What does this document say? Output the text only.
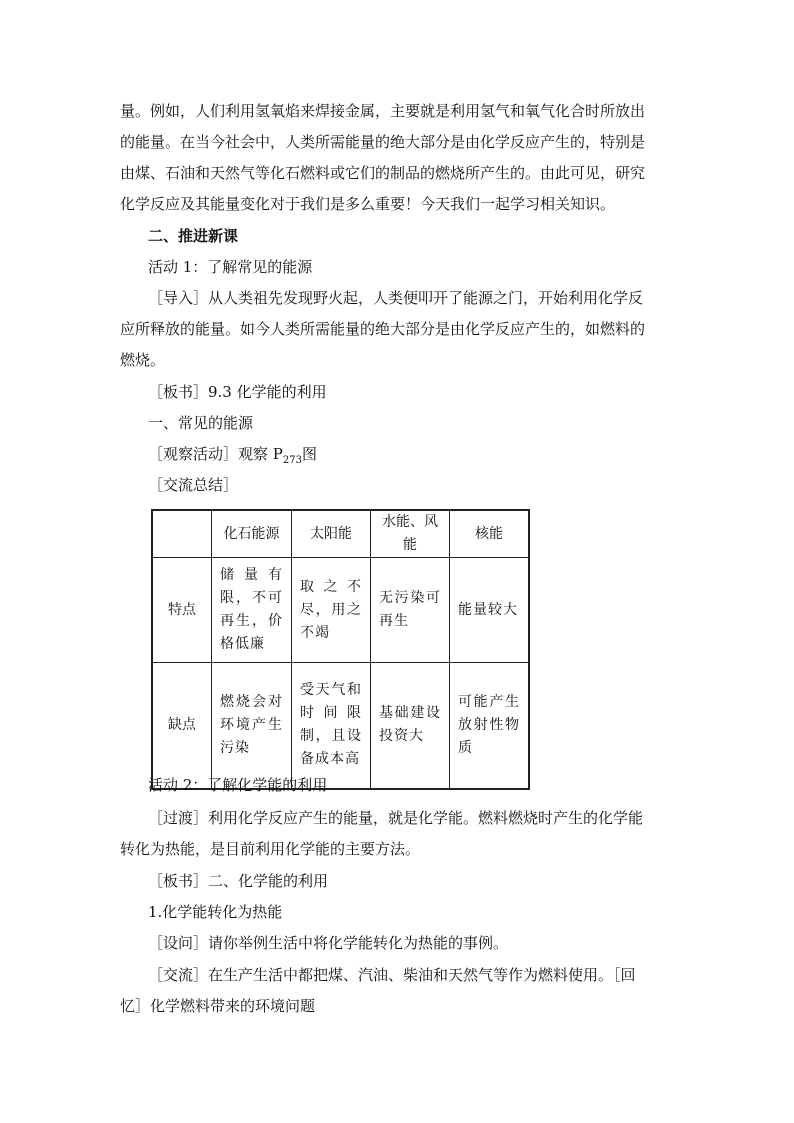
量。例如，人们利用氢氧焰来焊接金属，主要就是利用氢气和氧气化合时所放出

的能量。在当今社会中，人类所需能量的绝大部分是由化学反应产生的，特别是

由煤、石油和天然气等化石燃料或它们的制品的燃烧所产生的。由此可见，研究

化学反应及其能量变化对于我们是多么重要！今天我们一起学习相关知识。

二、推进新课

活动 1：了解常见的能源

［导入］从人类祖先发现野火起，人类便叩开了能源之门，开始利用化学反

应所释放的能量。如今人类所需能量的绝大部分是由化学反应产生的，如燃料的

燃烧。

［板书］9.3 化学能的利用

一、常见的能源

［观察活动］观察 $P_{273}$图

［交流总结］

	化石能源	太阳能	水能、风能	核能
特点	储量有限，不可再生，价格低廉	取之不尽，用之不竭	无污染可再生	能量较大
缺点	燃烧会对环境产生污染	受天气和时间限制，且设备成本高	基础建设投资大	可能产生放射性物质

活动 2：了解化学能的利用

［过渡］利用化学反应产生的能量，就是化学能。燃料燃烧时产生的化学能

转化为热能，是目前利用化学能的主要方法。

［板书］二、化学能的利用

1.化学能转化为热能

［设问］请你举例生活中将化学能转化为热能的事例。

［交流］在生产生活中都把煤、汽油、柴油和天然气等作为燃料使用。［回

忆］化学燃料带来的环境问题
